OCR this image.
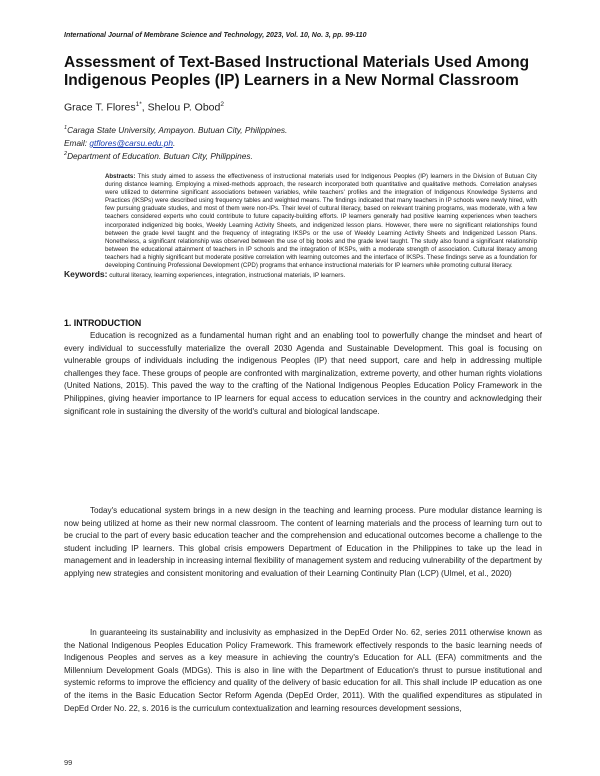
International Journal of Membrane Science and Technology, 2023, Vol. 10, No. 3, pp. 99-110
Assessment of Text-Based Instructional Materials Used Among Indigenous Peoples (IP) Learners in a New Normal Classroom
Grace T. Flores$^{1*}$, Shelou P. Obod$^2$
$^1$Caraga State University, Ampayon. Butuan City, Philippines.
Email: gtflores@carsu.edu.ph.
$^2$Department of Education. Butuan City, Philippines.
Abstracts: This study aimed to assess the effectiveness of instructional materials used for Indigenous Peoples (IP) learners in the Division of Butuan City during distance learning. Employing a mixed-methods approach, the research incorporated both quantitative and qualitative methods. Correlation analyses were utilized to determine significant associations between variables, while teachers' profiles and the integration of Indigenous Knowledge Systems and Practices (IKSPs) were described using frequency tables and weighted means. The findings indicated that many teachers in IP schools were newly hired, with few pursuing graduate studies, and most of them were non-IPs. Their level of cultural literacy, based on relevant training programs, was moderate, with a few teachers considered experts who could contribute to future capacity-building efforts. IP learners generally had positive learning experiences when teachers incorporated indigenized big books, Weekly Learning Activity Sheets, and indigenized lesson plans. However, there were no significant relationships found between the grade level taught and the frequency of integrating IKSPs or the use of Weekly Learning Activity Sheets and Indigenized Lesson Plans. Nonetheless, a significant relationship was observed between the use of big books and the grade level taught. The study also found a significant relationship between the educational attainment of teachers in IP schools and the integration of IKSPs, with a moderate strength of association. Cultural literacy among teachers had a highly significant but moderate positive correlation with learning outcomes and the interface of IKSPs. These findings serve as a foundation for developing Continuing Professional Development (CPD) programs that enhance instructional materials for IP learners while promoting cultural literacy.
Keywords: cultural literacy, learning experiences, integration, instructional materials, IP learners.
1. INTRODUCTION

Education is recognized as a fundamental human right and an enabling tool to powerfully change the mindset and heart of every individual to successfully materialize the overall 2030 Agenda and Sustainable Development. This goal is focusing on vulnerable groups of individuals including the indigenous Peoples (IP) that need support, care and help in addressing multiple challenges they face. These groups of people are confronted with marginalization, extreme poverty, and other human rights violations (United Nations, 2015). This paved the way to the crafting of the National Indigenous Peoples Education Policy Framework in the Philippines, giving heavier importance to IP learners for equal access to education services in the country and acknowledging their significant role in sustaining the diversity of the world's cultural and biological landscape.

Today's educational system brings in a new design in the teaching and learning process. Pure modular distance learning is now being utilized at home as their new normal classroom. The content of learning materials and the process of learning turn out to be crucial to the part of every basic education teacher and the comprehension and educational outcomes become a challenge to the student including IP learners. This global crisis empowers Department of Education in the Philippines to take up the lead in management and in leadership in increasing internal flexibility of management system and reducing vulnerability of the department by applying new strategies and consistent monitoring and evaluation of their Learning Continuity Plan (LCP) (Ulmel, et al., 2020)

In guaranteeing its sustainability and inclusivity as emphasized in the DepEd Order No. 62, series 2011 otherwise known as the National Indigenous Peoples Education Policy Framework. This framework effectively responds to the basic learning needs of Indigenous Peoples and serves as a key measure in achieving the country's Education for ALL (EFA) commitments and the Millennium Development Goals (MDGs). This is also in line with the Department of Education's thrust to pursue institutional and systemic reforms to improve the efficiency and quality of the delivery of basic education for all. This shall include IP education as one of the items in the Basic Education Sector Reform Agenda (DepEd Order, 2011). With the qualified expenditures as stipulated in DepEd Order No. 22, s. 2016 is the curriculum contextualization and learning resources development sessions,

99
